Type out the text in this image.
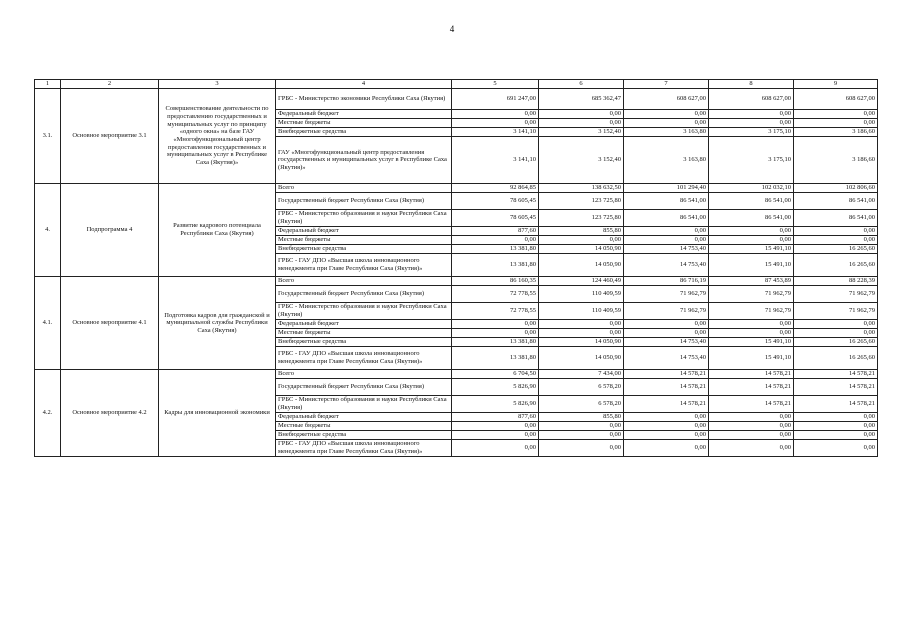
4
1	2	3	4	5	6	7	8	9
3.1.	Основное мероприятие 3.1	Совершенствование деятельности по предоставлению государственных и муниципальных услуг по принципу «одного окна» на базе ГАУ «Многофункциональный центр предоставления государственных и муниципальных услуг в Республике Саха (Якутия)»	ГРБС - Министерство экономики Республики Саха (Якутия)	691 247,00	685 362,47	608 627,00	608 627,00	608 627,00
			Федеральный бюджет	0,00	0,00	0,00	0,00	0,00
			Местные бюджеты	0,00	0,00	0,00	0,00	0,00
			Внебюджетные средства	3 141,10	3 152,40	3 163,80	3 175,10	3 186,60
			ГАУ «Многофункциональный центр предоставления государственных и муниципальных услуг в Республике Саха (Якутия)»	3 141,10	3 152,40	3 163,80	3 175,10	3 186,60
4.	Подпрограмма 4	Развитие кадрового потенциала Республики Саха (Якутия)	Всего	92 864,85	138 632,50	101 294,40	102 032,10	102 806,60
			Государственный бюджет Республики Саха (Якутия)	78 605,45	123 725,80	86 541,00	86 541,00	86 541,00
			ГРБС - Министерство образования и науки Республики Саха (Якутия)	78 605,45	123 725,80	86 541,00	86 541,00	86 541,00
			Федеральный бюджет	877,60	855,80	0,00	0,00	0,00
			Местные бюджеты	0,00	0,00	0,00	0,00	0,00
			Внебюджетные средства	13 381,80	14 050,90	14 753,40	15 491,10	16 265,60
			ГРБС - ГАУ ДПО «Высшая школа инновационного менеджмента при Главе Республики Саха (Якутия)»	13 381,80	14 050,90	14 753,40	15 491,10	16 265,60
4.1.	Основное мероприятие 4.1	Подготовка кадров для гражданской и муниципальной службы Республики Саха (Якутия)	Всего	86 160,35	124 460,49	86 716,19	87 453,89	88 228,39
			Государственный бюджет Республики Саха (Якутия)	72 778,55	110 409,59	71 962,79	71 962,79	71 962,79
			ГРБС - Министерство образования и науки Республики Саха (Якутия)	72 778,55	110 409,59	71 962,79	71 962,79	71 962,79
			Федеральный бюджет	0,00	0,00	0,00	0,00	0,00
			Местные бюджеты	0,00	0,00	0,00	0,00	0,00
			Внебюджетные средства	13 381,80	14 050,90	14 753,40	15 491,10	16 265,60
			ГРБС - ГАУ ДПО «Высшая школа инновационного менеджмента при Главе Республики Саха (Якутия)»	13 381,80	14 050,90	14 753,40	15 491,10	16 265,60
4.2.	Основное мероприятие 4.2	Кадры для инновационной экономики	Всего	6 704,50	7 434,00	14 578,21	14 578,21	14 578,21
			Государственный бюджет Республики Саха (Якутия)	5 826,90	6 578,20	14 578,21	14 578,21	14 578,21
			ГРБС - Министерство образования и науки Республики Саха (Якутия)	5 826,90	6 578,20	14 578,21	14 578,21	14 578,21
			Федеральный бюджет	877,60	855,80	0,00	0,00	0,00
			Местные бюджеты	0,00	0,00	0,00	0,00	0,00
			Внебюджетные средства	0,00	0,00	0,00	0,00	0,00
			ГРБС - ГАУ ДПО «Высшая школа инновационного менеджмента при Главе Республики Саха (Якутия)»	0,00	0,00	0,00	0,00	0,00
